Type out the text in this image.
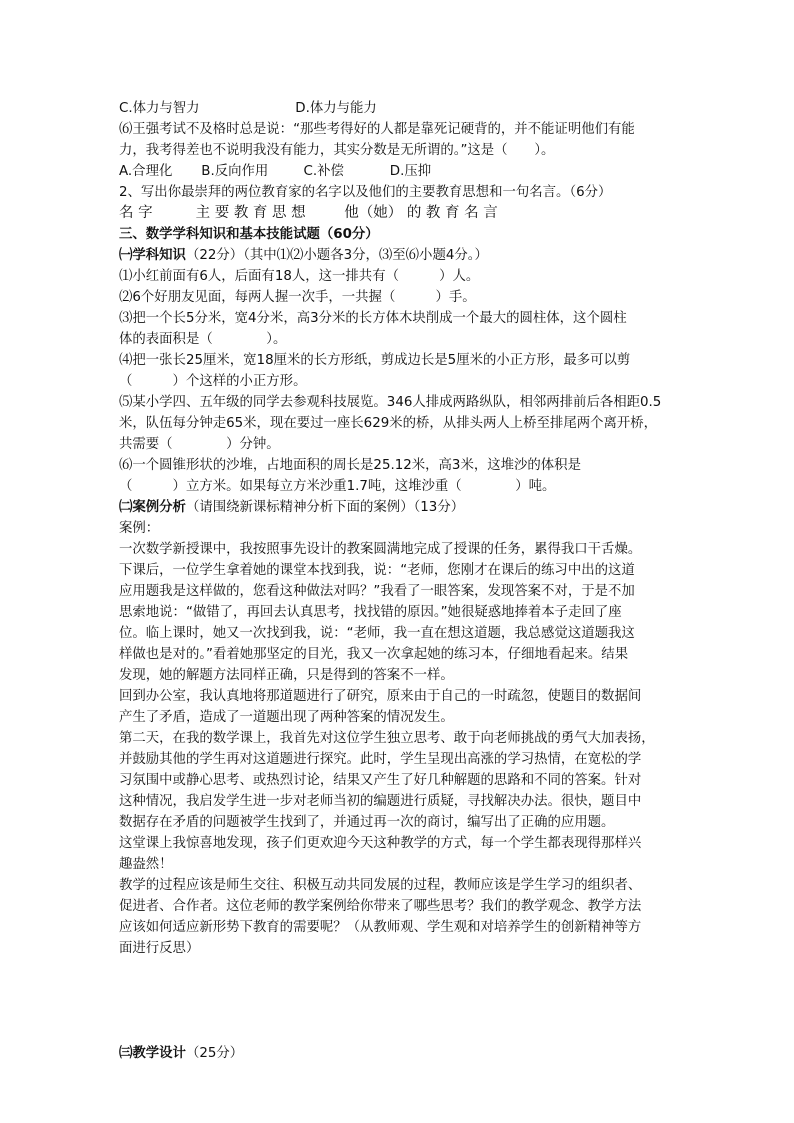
C.体力与智力	D.体力与能力
⑹王强考试不及格时总是说：“那些考得好的人都是靠死记硬背的，并不能证明他们有能
力，我考得差也不说明我没有能力，其实分数是无所谓的。”这是（　　）。
A.合理化 B.反向作用	C.补偿	D.压抑
2、写出你最崇拜的两位教育家的名字以及他们的主要教育思想和一句名言。（6分）
名 字	主 要 教 育 思 想	他（她） 的 教 育 名 言
三、数学学科知识和基本技能试题（60分）
㈠学科知识（22分）（其中⑴⑵小题各3分，⑶至⑹小题4分。）
⑴小红前面有6人，后面有18人，这一排共有（　　　）人。
⑵6个好朋友见面，每两人握一次手，一共握（　　　）手。
⑶把一个长5分米，宽4分米，高3分米的长方体木块削成一个最大的圆柱体，这个圆柱
体的表面积是（　　　　）。
⑷把一张长25厘米，宽18厘米的长方形纸，剪成边长是5厘米的小正方形，最多可以剪
（　　　）个这样的小正方形。
⑸某小学四、五年级的同学去参观科技展览。346人排成两路纵队，相邻两排前后各相距0.5
米，队伍每分钟走65米，现在要过一座长629米的桥，从排头两人上桥至排尾两个离开桥，
共需要（　　　　）分钟。
⑹一个圆锥形状的沙堆，占地面积的周长是25.12米，高3米，这堆沙的体积是
（　　　）立方米。如果每立方米沙重1.7吨，这堆沙重（　　　　）吨。
㈡案例分析（请围绕新课标精神分析下面的案例）（13分）
案例：
一次数学新授课中，我按照事先设计的教案圆满地完成了授课的任务，累得我口干舌燥。
下课后，一位学生拿着她的课堂本找到我，说：“老师，您刚才在课后的练习中出的这道
应用题我是这样做的，您看这种做法对吗？”我看了一眼答案，发现答案不对，于是不加
思索地说：“做错了，再回去认真思考，找找错的原因。”她很疑惑地捧着本子走回了座
位。临上课时，她又一次找到我，说：“老师，我一直在想这道题，我总感觉这道题我这
样做也是对的。”看着她那坚定的目光，我又一次拿起她的练习本，仔细地看起来。结果
发现，她的解题方法同样正确，只是得到的答案不一样。
回到办公室，我认真地将那道题进行了研究，原来由于自己的一时疏忽，使题目的数据间
产生了矛盾，造成了一道题出现了两种答案的情况发生。
第二天，在我的数学课上，我首先对这位学生独立思考、敢于向老师挑战的勇气大加表扬，
并鼓励其他的学生再对这道题进行探究。此时，学生呈现出高涨的学习热情，在宽松的学
习氛围中或静心思考、或热烈讨论，结果又产生了好几种解题的思路和不同的答案。针对
这种情况，我启发学生进一步对老师当初的编题进行质疑，寻找解决办法。很快，题目中
数据存在矛盾的问题被学生找到了，并通过再一次的商讨，编写出了正确的应用题。
这堂课上我惊喜地发现，孩子们更欢迎今天这种教学的方式，每一个学生都表现得那样兴
趣盎然！
教学的过程应该是师生交往、积极互动共同发展的过程，教师应该是学生学习的组织者、
促进者、合作者。这位老师的教学案例给你带来了哪些思考？我们的教学观念、教学方法
应该如何适应新形势下教育的需要呢？（从教师观、学生观和对培养学生的创新精神等方
面进行反思）
㈢教学设计（25分）
